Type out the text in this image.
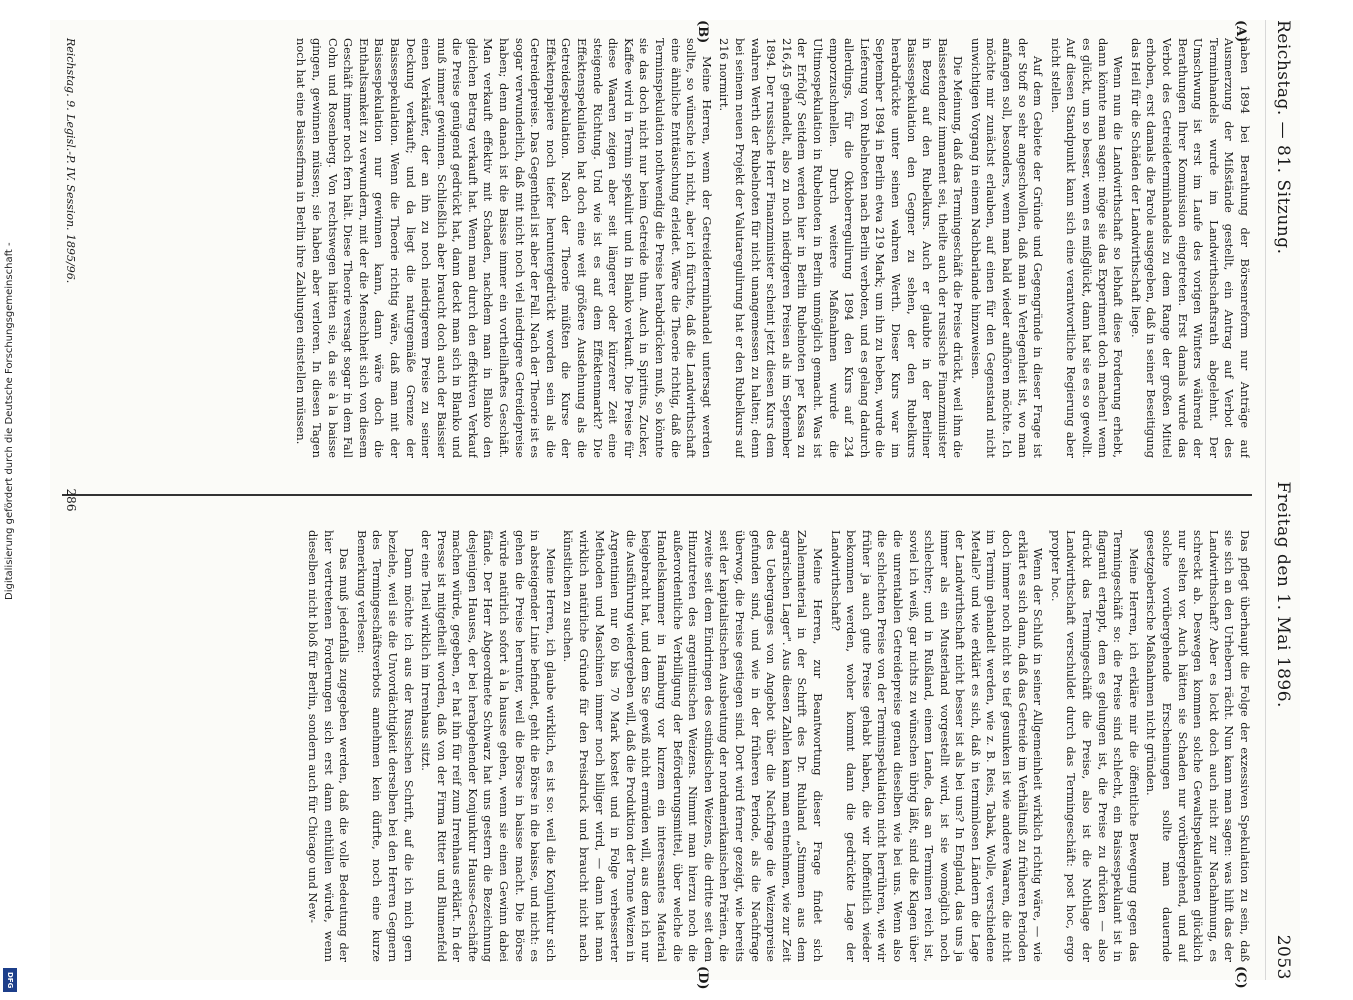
Reichstag. — 81. Sitzung.
Freitag den 1. Mai 1896.
2053
(A)
(B)
(C)
(D)

haben 1894 bei Berathung der Börsenreform nur Anträge auf Ausmerzung der Mißstände gestellt, ein Antrag auf Verbot des Terminhandels wurde im Landwirthschaftsrath abgelehnt. Der Umschwung ist erst im Laufe des vorigen Winters während der Berathungen Ihrer Kommission eingetreten. Erst damals wurde das Verbot des Getreideterminhandels zu dem Range der großen Mittel erhoben, erst damals die Parole ausgegeben, daß in seiner Beseitigung das Heil für die Schäden der Landwirthschaft liege.

Wenn nun die Landwirthschaft so lebhaft diese Forderung erhebt, dann könnte man sagen: möge sie das Experiment doch machen! wenn es glückt, um so besser, wenn es mißglückt, dann hat sie es so gewollt. Auf diesen Standpunkt kann sich eine verantwortliche Regierung aber nicht stellen.

Auf dem Gebiete der Gründe und Gegengründe in dieser Frage ist der Stoff so sehr angeschwollen, daß man in Verlegenheit ist, wo man anfangen soll, besonders, wenn man bald wieder aufhören möchte. Ich möchte mir zunächst erlauben, auf einen für den Gegenstand nicht unwichtigen Vorgang in einem Nachbarlande hinzuweisen.

Die Meinung, daß das Termingeschäft die Preise drückt, weil ihm die Baissetendenz immanent sei, theilte auch der russische Finanzminister in Bezug auf den Rubelkurs. Auch er glaubte in der Berliner Baissespekulation den Gegner zu sehen, der den Rubelkurs herabdrückte unter seinen wahren Werth. Dieser Kurs war im September 1894 in Berlin etwa 219 Mark; um ihn zu heben, wurde die Lieferung von Rubelnoten nach Berlin verboten, und es gelang dadurch allerdings, für die Oktoberregulirung 1894 den Kurs auf 234 emporzuschnellen. Durch weitere Maßnahmen wurde die Ultimospekulation in Rubelnoten in Berlin unmöglich gemacht. Was ist der Erfolg? Seitdem werden hier in Berlin Rubelnoten per Kassa zu 216,45 gehandelt, also zu noch niedrigeren Preisen als im September 1894. Der russische Herr Finanzminister scheint jetzt diesen Kurs dem wahren Werth der Rubelnoten für nicht unangemessen zu halten; denn bei seinem neuen Projekt der Valutaregulirung hat er den Rubelkurs auf 216 normirt.

Meine Herren, wenn der Getreideterminhandel untersagt werden sollte, so wünsche ich nicht, aber ich fürchte, daß die Landwirthschaft eine ähnliche Enttäuschung erleidet. Wäre die Theorie richtig, daß die Terminspekulation nothwendig die Preise herabdrücken muß, so könnte sie das doch nicht nur beim Getreide thun. Auch in Spiritus, Zucker, Kaffee wird in Termin spekulirt und in Blanko verkauft. Die Preise für diese Waaren zeigen aber seit längerer oder kürzerer Zeit eine steigende Richtung. Und wie ist es auf dem Effektenmarkt? Die Effektenspekulation hat doch eine weit größere Ausdehnung als die Getreidespekulation. Nach der Theorie müßten die Kurse der Effektenpapiere noch tiefer heruntergedrückt worden sein als die Getreidepreise. Das Gegentheil ist aber der Fall. Nach der Theorie ist es sogar verwunderlich, daß mit nicht noch viel niedrigere Getreidepreise haben; denn danach ist die Baisse immer ein vortheilhaftes Geschäft. Man verkauft effektiv mit Schaden, nachdem man in Blanko den gleichen Betrag verkauft hat. Wenn man durch den effektiven Verkauf die Preise genügend gedrückt hat, dann deckt man sich in Blanko und muß immer gewinnen. Schließlich aber braucht doch auch der Baissier einen Verkäufer, der an ihn zu noch niedrigerem Preise zu seiner Deckung verkauft; und da liegt die naturgemäße Grenze der Baissespekulation. Wenn die Theorie richtig wäre, daß man mit der Baissespekulation nur gewinnen kann, dann wäre doch die Enthaltsamkeit zu verwundern, mit der die Menschheit sich von diesem Geschäft immer noch fern hält. Diese Theorie versagt sogar in dem Fall Cohn und Rosenberg. Von rechtswegen hätten sie, da sie à la baisse gingen, gewinnen müssen; sie haben aber verloren. In diesen Tagen noch hat eine Baissefirma in Berlin ihre Zahlungen einstellen müssen.

Das pflegt überhaupt die Folge der exzessiven Spekulation zu sein, daß sie sich an den Urhebern rächt. Nun kann man sagen: was hilft das der Landwirthschaft? Aber es lockt doch auch nicht zur Nachahmung, es schreckt ab. Deswegen kommen solche Gewaltspekulationen glücklich nur selten vor. Auch hätten sie Schaden nur vorübergehend, und auf solche vorübergehende Erscheinungen sollte man dauernde gesetzgeberische Maßnahmen nicht gründen.

Meine Herren, ich erkläre mir die öffentliche Bewegung gegen das Termingeschäft so: die Preise sind schlecht, ein Baissespekulant ist in flagranti ertappt, dem es gelungen ist, die Preise zu drücken — also drückt das Termingeschäft die Preise, also ist die Nothlage der Landwirthschaft verschuldet durch das Termingeschäft: post hoc, ergo propter hoc.

Wenn der Schluß in seiner Allgemeinheit wirklich richtig wäre, — wie erklärt es sich dann, daß das Getreide im Verhältniß zu früheren Perioden doch immer noch nicht so tief gesunken ist wie andere Waaren, die nicht im Termin gehandelt werden, wie z. B. Reis, Tabak, Wolle, verschiedene Metalle? und wie erklärt es sich, daß in termimlosen Ländern die Lage der Landwirthschaft nicht besser ist als bei uns? In England, das uns ja immer als ein Musterland vorgestellt wird, ist sie womöglich noch schlechter; und in Rußland, einem Lande, das an Terminen reich ist, soviel ich weiß, gar nichts zu wünschen übrig läßt, sind die Klagen über die unrentablen Getreidepreise genau dieselben wie bei uns. Wenn also die schlechten Preise von der Terminspekulation nicht herrühren, wie wir früher ja auch gute Preise gehabt haben, die wir hoffentlich wieder bekommen werden, woher kommt dann die gedrückte Lage der Landwirthschaft?

Meine Herren, zur Beantwortung dieser Frage findet sich Zahlenmaterial in der Schrift des Dr. Ruhland „Stimmen aus dem agrarischen Lager". Aus diesen Zahlen kann man entnehmen, wie zur Zeit des Ueberganges von Angebot über die Nachfrage die Weizenpreise gefunden sind, und wie in der früheren Periode, als die Nachfrage überwog, die Preise gestiegen sind. Dort wird ferner gezeigt, wie bereits seit der kapitalistischen Ausbeutung der nordamerikanischen Prärien, die zweite seit dem Eindringen des ostindischen Weizens, die dritte seit dem Hinzutreten des argentinischen Weizens. Nimmt man hierzu noch die außerordentliche Verbilligung der Beförderungsmittel, über welche die Handelskammer in Hamburg vor kurzem ein interessantes Material beigebracht hat, und dem Sie gewiß nicht ermüden will, aus dem ich nur die Ausführung wiedergeben will, daß die Produktion der Tonne Weizen in Argentinien nur 60 bis 70 Mark kostet und in Folge verbesserter Methoden und Maschinen immer noch billiger wird, — dann hat man wirklich natürliche Gründe für den Preisdruck und braucht nicht nach künstlichen zu suchen.

Meine Herren, ich glaube wirklich, es ist so: weil die Konjunktur sich in absteigender Linie befindet, geht die Börse in die baisse, und nicht: es gehen die Preise herunter, weil die Börse in baisse macht. Die Börse würde natürlich sofort à la hausse gehen, wenn sie einen Gewinn dabei fände. Der Herr Abgeordnete Schwarz hat uns gestern die Bezeichnung desjenigen Hauses, der bei herabgehender Konjunktur Hausse-Geschäfte machen würde, gegeben, er hat ihn für reif zum Irrenhaus erklärt. In der Presse ist mitgetheilt worden, daß von der Firma Ritter und Blumenfeld der eine Theil wirklich im Irrenhaus sitzt.

Dann möchte ich aus der Russischen Schrift, auf die ich mich gern beziehe, weil sie die Unvordächtigkeit derselben bei den Herren Gegnern des Termingeschäftsverbots annehmen kein dürfte, noch eine kurze Bemerkung verlesen:

Das muß jedenfalls zugegeben werden, daß die volle Bedeutung der hier vertretenen Forderungen sich erst dann enthüllen würde, wenn dieselben nicht bloß für Berlin, sondern auch für Chicago und New-

Reichstag. 9. Legisl.-P. IV. Session. 1895/96.
286
Digitalisierung gefördert durch die Deutsche Forschungsgemeinschaft -
DFG
